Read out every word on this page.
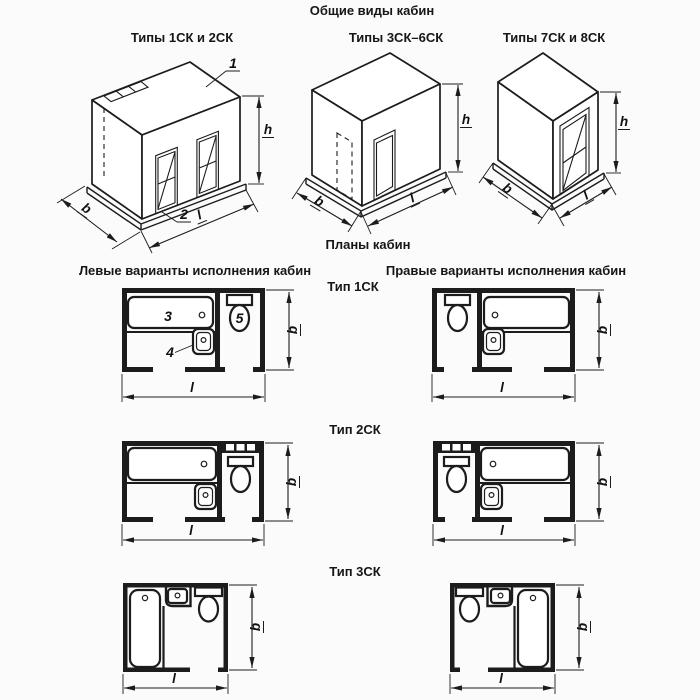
1
2
b	l
h
b	l
h
b	l
h
3
4
5
b
l
b
l
b
l
b
l
b
l
b
l
Общие виды кабин
Типы 1СК и 2СК	Типы 3СК–6СК	Типы 7СК и 8СК
Планы кабин
Левые варианты исполнения кабин	Правые варианты исполнения кабин
Тип 1СК
Тип 2СК
Тип 3СК
